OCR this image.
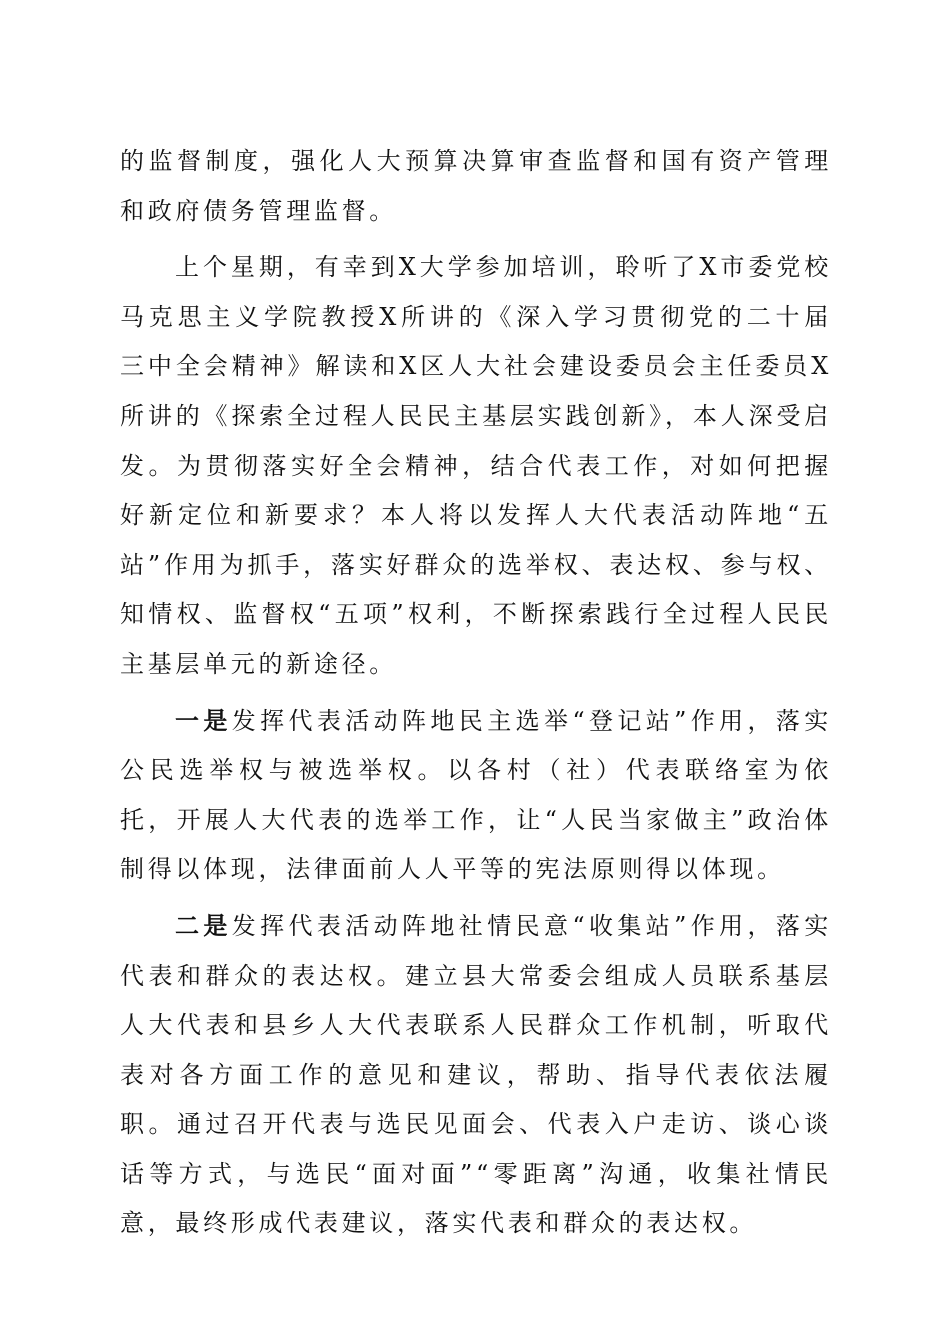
的监督制度，强化人大预算决算审查监督和国有资产管理和政府债务管理监督。

上个星期，有幸到X大学参加培训，聆听了X市委党校马克思主义学院教授X所讲的《深入学习贯彻党的二十届三中全会精神》解读和X区人大社会建设委员会主任委员X所讲的《探索全过程人民民主基层实践创新》，本人深受启发。为贯彻落实好全会精神，结合代表工作，对如何把握好新定位和新要求？本人将以发挥人大代表活动阵地“五站”作用为抓手，落实好群众的选举权、表达权、参与权、知情权、监督权“五项”权利，不断探索践行全过程人民民主基层单元的新途径。

一是发挥代表活动阵地民主选举“登记站”作用，落实公民选举权与被选举权。以各村（社）代表联络室为依托，开展人大代表的选举工作，让“人民当家做主”政治体制得以体现，法律面前人人平等的宪法原则得以体现。

二是发挥代表活动阵地社情民意“收集站”作用，落实代表和群众的表达权。建立县大常委会组成人员联系基层人大代表和县乡人大代表联系人民群众工作机制，听取代表对各方面工作的意见和建议，帮助、指导代表依法履职。通过召开代表与选民见面会、代表入户走访、谈心谈话等方式，与选民“面对面”“零距离”沟通，收集社情民意，最终形成代表建议，落实代表和群众的表达权。
